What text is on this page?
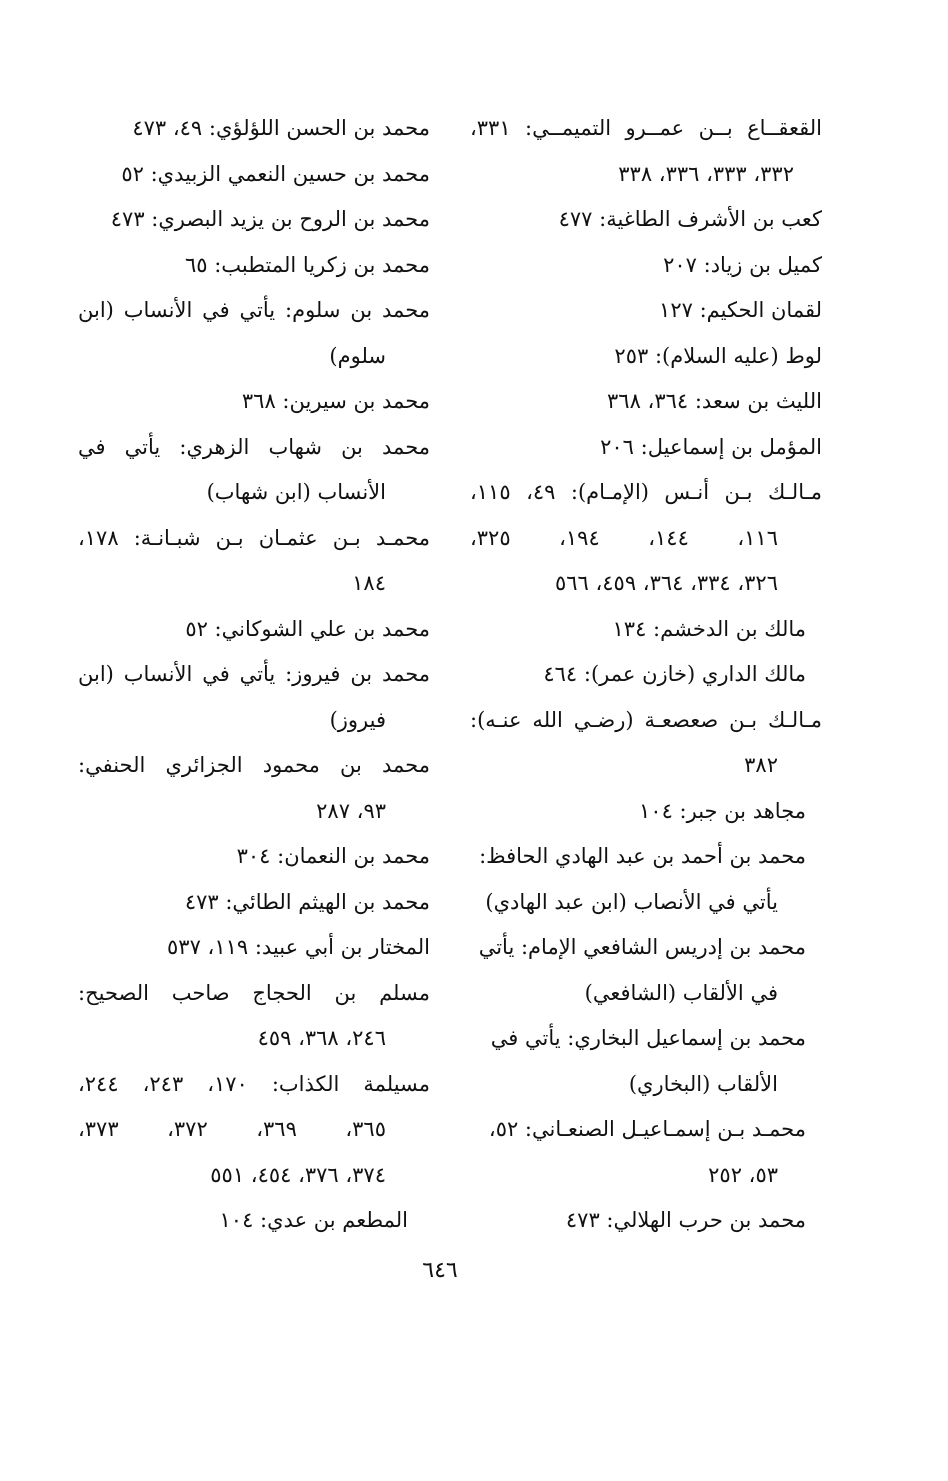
القعقــاع بــن عمــرو التميمــي: ٣٣١،
٣٣٢، ٣٣٣، ٣٣٦، ٣٣٨
كعب بن الأشرف الطاغية: ٤٧٧
كميل بن زياد: ٢٠٧
لقمان الحكيم: ١٢٧
لوط (عليه السلام): ٢٥٣
الليث بن سعد: ٣٦٤، ٣٦٨
المؤمل بن إسماعيل: ٢٠٦
مـالـك بـن أنـس (الإمـام): ٤٩، ١١٥،
١١٦، ١٤٤، ١٩٤، ٣٢٥،
٣٢٦، ٣٣٤، ٣٦٤، ٤٥٩، ٥٦٦
مالك بن الدخشم: ١٣٤
مالك الداري (خازن عمر): ٤٦٤
مـالـك بـن صعصعـة (رضـي الله عنـه):
٣٨٢
مجاهد بن جبر: ١٠٤
محمد بن أحمد بن عبد الهادي الحافظ:
يأتي في الأنصاب (ابن عبد الهادي)
محمد بن إدريس الشافعي الإمام: يأتي
في الألقاب (الشافعي)
محمد بن إسماعيل البخاري: يأتي في
الألقاب (البخاري)
محمـد بـن إسمـاعيـل الصنعـاني: ٥٢،
٥٣، ٢٥٢
محمد بن حرب الهلالي: ٤٧٣
محمد بن الحسن اللؤلؤي: ٤٩، ٤٧٣
محمد بن حسين النعمي الزبيدي: ٥٢
محمد بن الروح بن يزيد البصري: ٤٧٣
محمد بن زكريا المتطبب: ٦٥
محمد بن سلوم: يأتي في الأنساب (ابن
سلوم)
محمد بن سيرين: ٣٦٨
محمد بن شهاب الزهري: يأتي في
الأنساب (ابن شهاب)
محمـد بـن عثمـان بـن شبـانـة: ١٧٨،
١٨٤
محمد بن علي الشوكاني: ٥٢
محمد بن فيروز: يأتي في الأنساب (ابن
فيروز)
محمد بن محمود الجزائري الحنفي:
٩٣، ٢٨٧
محمد بن النعمان: ٣٠٤
محمد بن الهيثم الطائي: ٤٧٣
المختار بن أبي عبيد: ١١٩، ٥٣٧
مسلم بن الحجاج صاحب الصحيح:
٢٤٦، ٣٦٨، ٤٥٩
مسيلمة الكذاب: ١٧٠، ٢٤٣، ٢٤٤،
٣٦٥، ٣٦٩، ٣٧٢، ٣٧٣،
٣٧٤، ٣٧٦، ٤٥٤، ٥٥١
المطعم بن عدي: ١٠٤
٦٤٦
